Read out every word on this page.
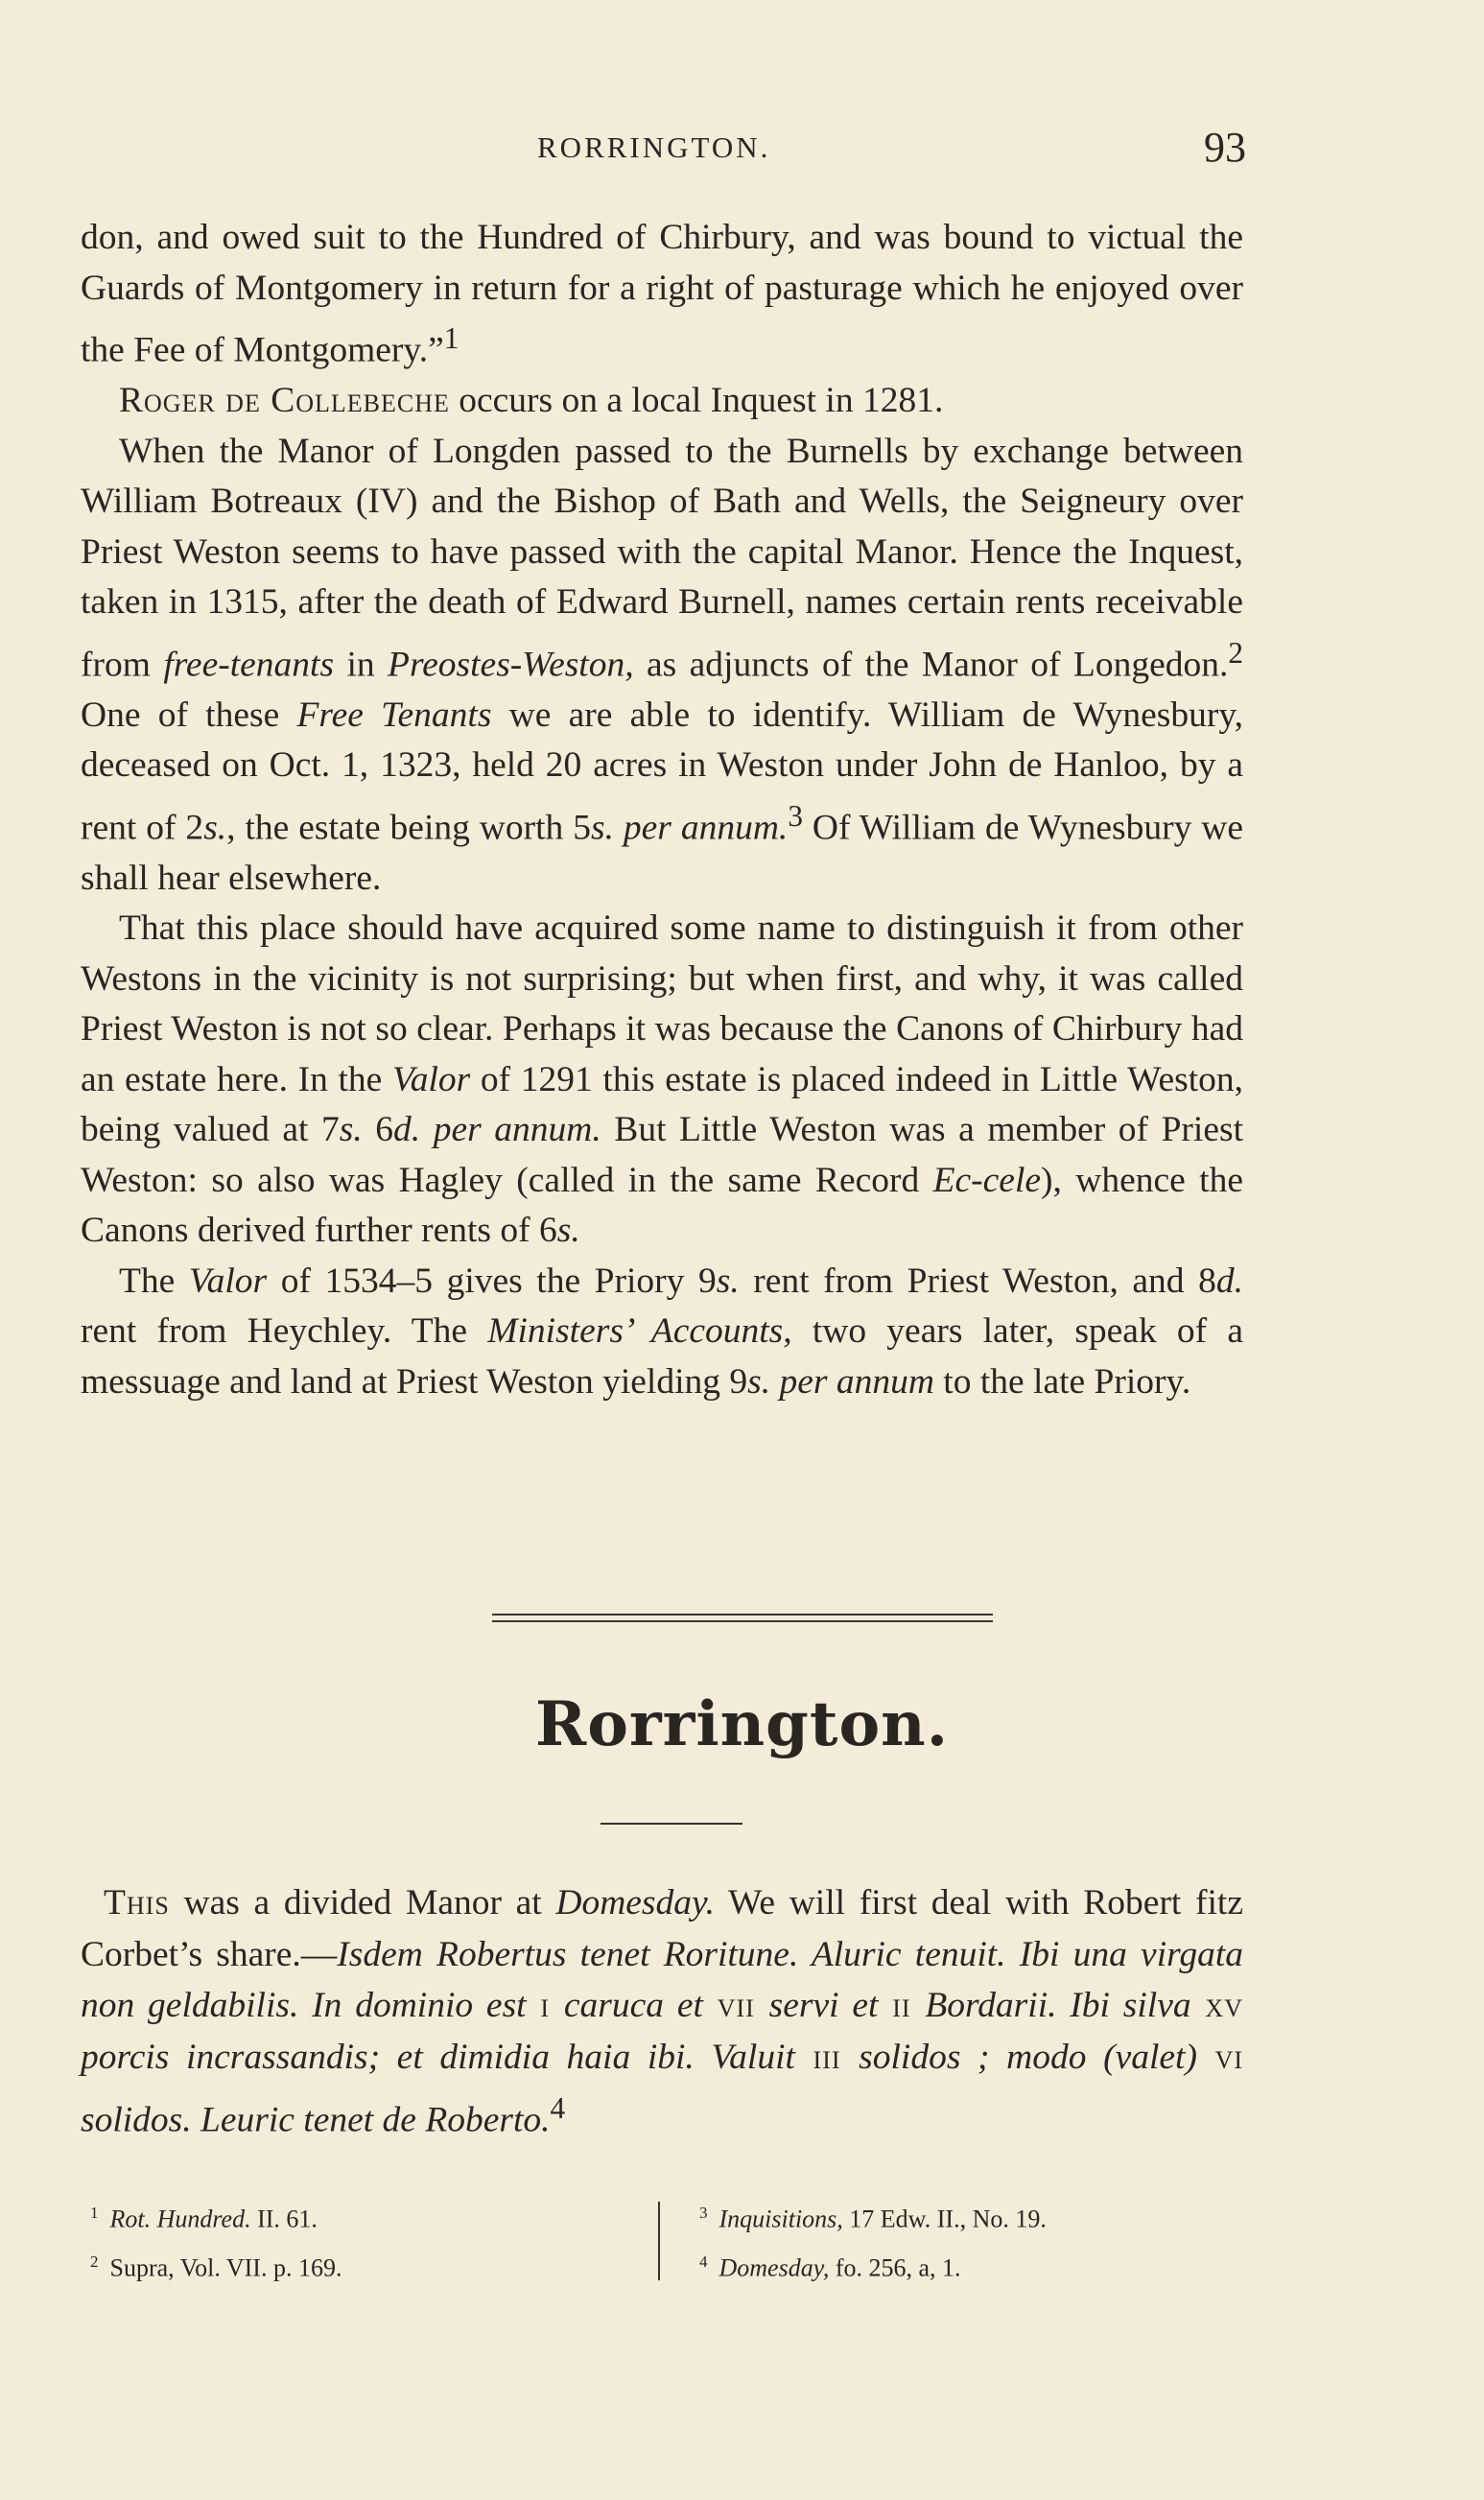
RORRINGTON.	93

don, and owed suit to the Hundred of Chirbury, and was bound to victual the Guards of Montgomery in return for a right of pasturage which he enjoyed over the Fee of Montgomery.”$^1$

Roger de Collebeche occurs on a local Inquest in 1281.

When the Manor of Longden passed to the Burnells by exchange between William Botreaux (IV) and the Bishop of Bath and Wells, the Seigneury over Priest Weston seems to have passed with the capital Manor. Hence the Inquest, taken in 1315, after the death of Edward Burnell, names certain rents receivable from free-tenants in Preostes-Weston, as adjuncts of the Manor of Longedon.$^2$ One of these Free Tenants we are able to identify. William de Wynesbury, deceased on Oct. 1, 1323, held 20 acres in Weston under John de Hanloo, by a rent of 2s., the estate being worth 5s. per annum.$^3$ Of William de Wynesbury we shall hear elsewhere.

That this place should have acquired some name to distinguish it from other Westons in the vicinity is not surprising; but when first, and why, it was called Priest Weston is not so clear. Perhaps it was because the Canons of Chirbury had an estate here. In the Valor of 1291 this estate is placed indeed in Little Weston, being valued at 7s. 6d. per annum. But Little Weston was a member of Priest Weston: so also was Hagley (called in the same Record Ec-cele), whence the Canons derived further rents of 6s.

The Valor of 1534–5 gives the Priory 9s. rent from Priest Weston, and 8d. rent from Heychley. The Ministers’ Accounts, two years later, speak of a messuage and land at Priest Weston yielding 9s. per annum to the late Priory.

Rorrington.

This was a divided Manor at Domesday. We will first deal with Robert fitz Corbet’s share.—Isdem Robertus tenet Roritune. Aluric tenuit. Ibi una virgata non geldabilis. In dominio est i caruca et vii servi et ii Bordarii. Ibi silva xv porcis incrassandis; et dimidia haia ibi. Valuit iii solidos ; modo (valet) vi solidos. Leuric tenet de Roberto.$^4$

$^1$ Rot. Hundred. II. 61.
$^2$ Supra, Vol. VII. p. 169.
$^3$ Inquisitions, 17 Edw. II., No. 19.
$^4$ Domesday, fo. 256, a, 1.
